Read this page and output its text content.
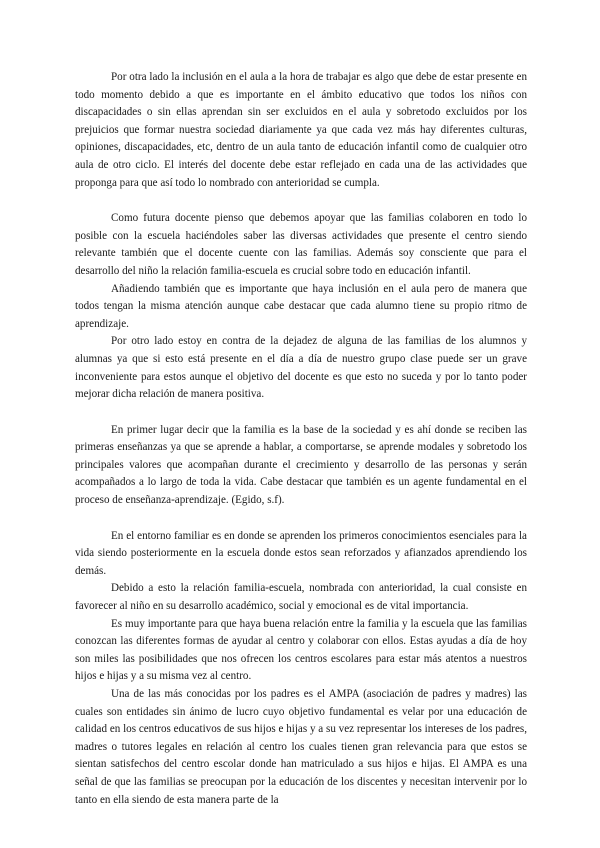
Por otra lado la inclusión en el aula a la hora de trabajar es algo que debe de estar presente en todo momento debido a que es importante en el ámbito educativo que todos los niños con discapacidades o sin ellas aprendan sin ser excluidos en el aula y sobretodo excluidos por los prejuicios que formar nuestra sociedad diariamente ya que cada vez más hay diferentes culturas, opiniones, discapacidades, etc, dentro de un aula tanto de educación infantil como de cualquier otro aula de otro ciclo. El interés del docente debe estar reflejado en cada una de las actividades que proponga para que así todo lo nombrado con anterioridad se cumpla.

Como futura docente pienso que debemos apoyar que las familias colaboren en todo lo posible con la escuela haciéndoles saber las diversas actividades que presente el centro siendo relevante también que el docente cuente con las familias. Además soy consciente que para el desarrollo del niño la relación familia-escuela es crucial sobre todo en educación infantil.

Añadiendo también que es importante que haya inclusión en el aula pero de manera que todos tengan la misma atención aunque cabe destacar que cada alumno tiene su propio ritmo de aprendizaje.

Por otro lado estoy en contra de la dejadez de alguna de las familias de los alumnos y alumnas ya que si esto está presente en el día a día de nuestro grupo clase puede ser un grave inconveniente para estos aunque el objetivo del docente es que esto no suceda y por lo tanto poder mejorar dicha relación de manera positiva.

En primer lugar decir que la familia es la base de la sociedad y es ahí donde se reciben las primeras enseñanzas ya que se aprende a hablar, a comportarse, se aprende modales y sobretodo los principales valores que acompañan durante el crecimiento y desarrollo de las personas y serán acompañados a lo largo de toda la vida. Cabe destacar que también es un agente fundamental en el proceso de enseñanza-aprendizaje. (Egido, s.f).

En el entorno familiar es en donde se aprenden los primeros conocimientos esenciales para la vida siendo posteriormente en la escuela donde estos sean reforzados y afianzados aprendiendo los demás.

Debido a esto la relación familia-escuela, nombrada con anterioridad, la cual consiste en favorecer al niño en su desarrollo académico, social y emocional es de vital importancia.

Es muy importante para que haya buena relación entre la familia y la escuela que las familias conozcan las diferentes formas de ayudar al centro y colaborar con ellos. Estas ayudas a día de hoy son miles las posibilidades que nos ofrecen los centros escolares para estar más atentos a nuestros hijos e hijas y a su misma vez al centro.

Una de las más conocidas por los padres es el AMPA (asociación de padres y madres) las cuales son entidades sin ánimo de lucro cuyo objetivo fundamental es velar por una educación de calidad en los centros educativos de sus hijos e hijas y a su vez representar los intereses de los padres, madres o tutores legales en relación al centro los cuales tienen gran relevancia para que estos se sientan satisfechos del centro escolar donde han matriculado a sus hijos e hijas. El AMPA es una señal de que las familias se preocupan por la educación de los discentes y necesitan intervenir por lo tanto en ella siendo de esta manera parte de la
